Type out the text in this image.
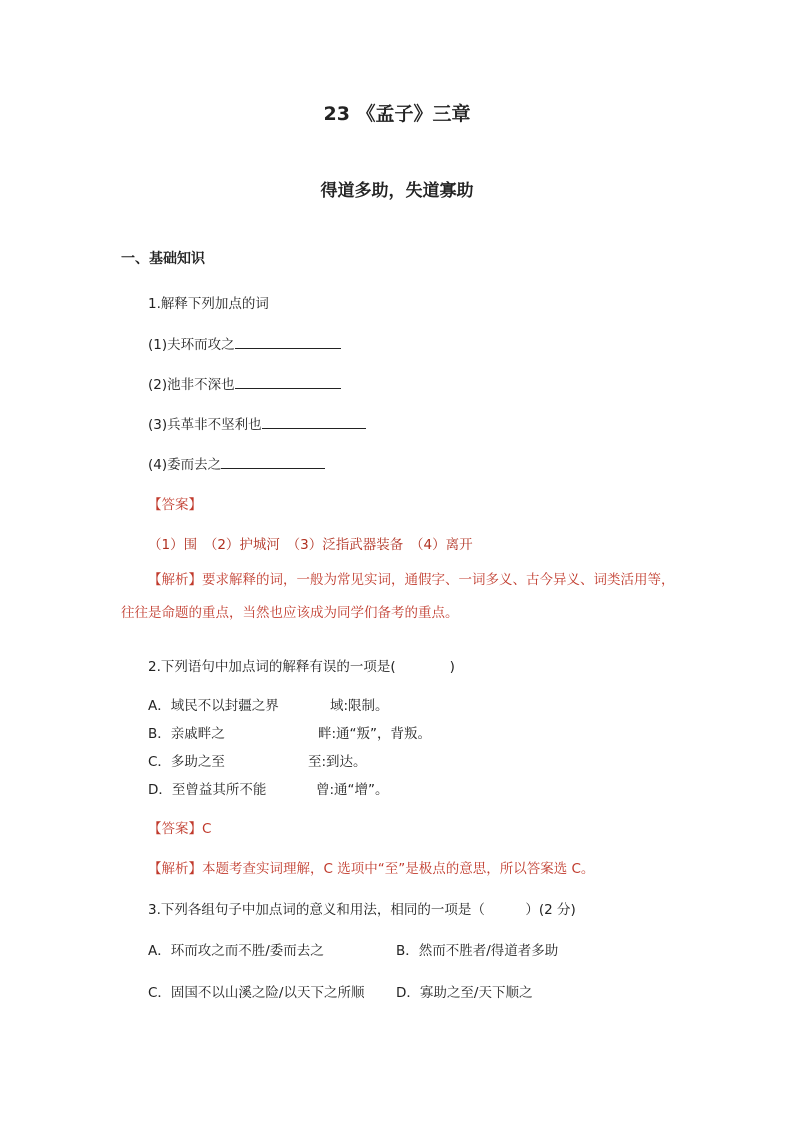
23 《孟子》三章
得道多助，失道寡助
一、基础知识
1.解释下列加点的词
(1)夫环而攻之
(2)池非不深也
(3)兵革非不坚利也
(4)委而去之
【答案】
（1）围　（2）护城河　（3）泛指武器装备　（4）离开
【解析】要求解释的词，一般为常见实词，通假字、一词多义、古今异义、词类活用等，
往往是命题的重点，当然也应该成为同学们备考的重点。
2.下列语句中加点词的解释有误的一项是(　　　　)
A．域民不以封疆之界	域:限制。
B．亲戚畔之	畔:通“叛”，背叛。
C．多助之至	至:到达。
D．至曾益其所不能	曾:通“增”。
【答案】C
【解析】本题考查实词理解，C 选项中“至”是极点的意思，所以答案选 C。
3.下列各组句子中加点词的意义和用法，相同的一项是（　　　）(2 分)
A．环而攻之而不胜/委而去之	B．然而不胜者/得道者多助
C．固国不以山溪之险/以天下之所顺 D．寡助之至/天下顺之
